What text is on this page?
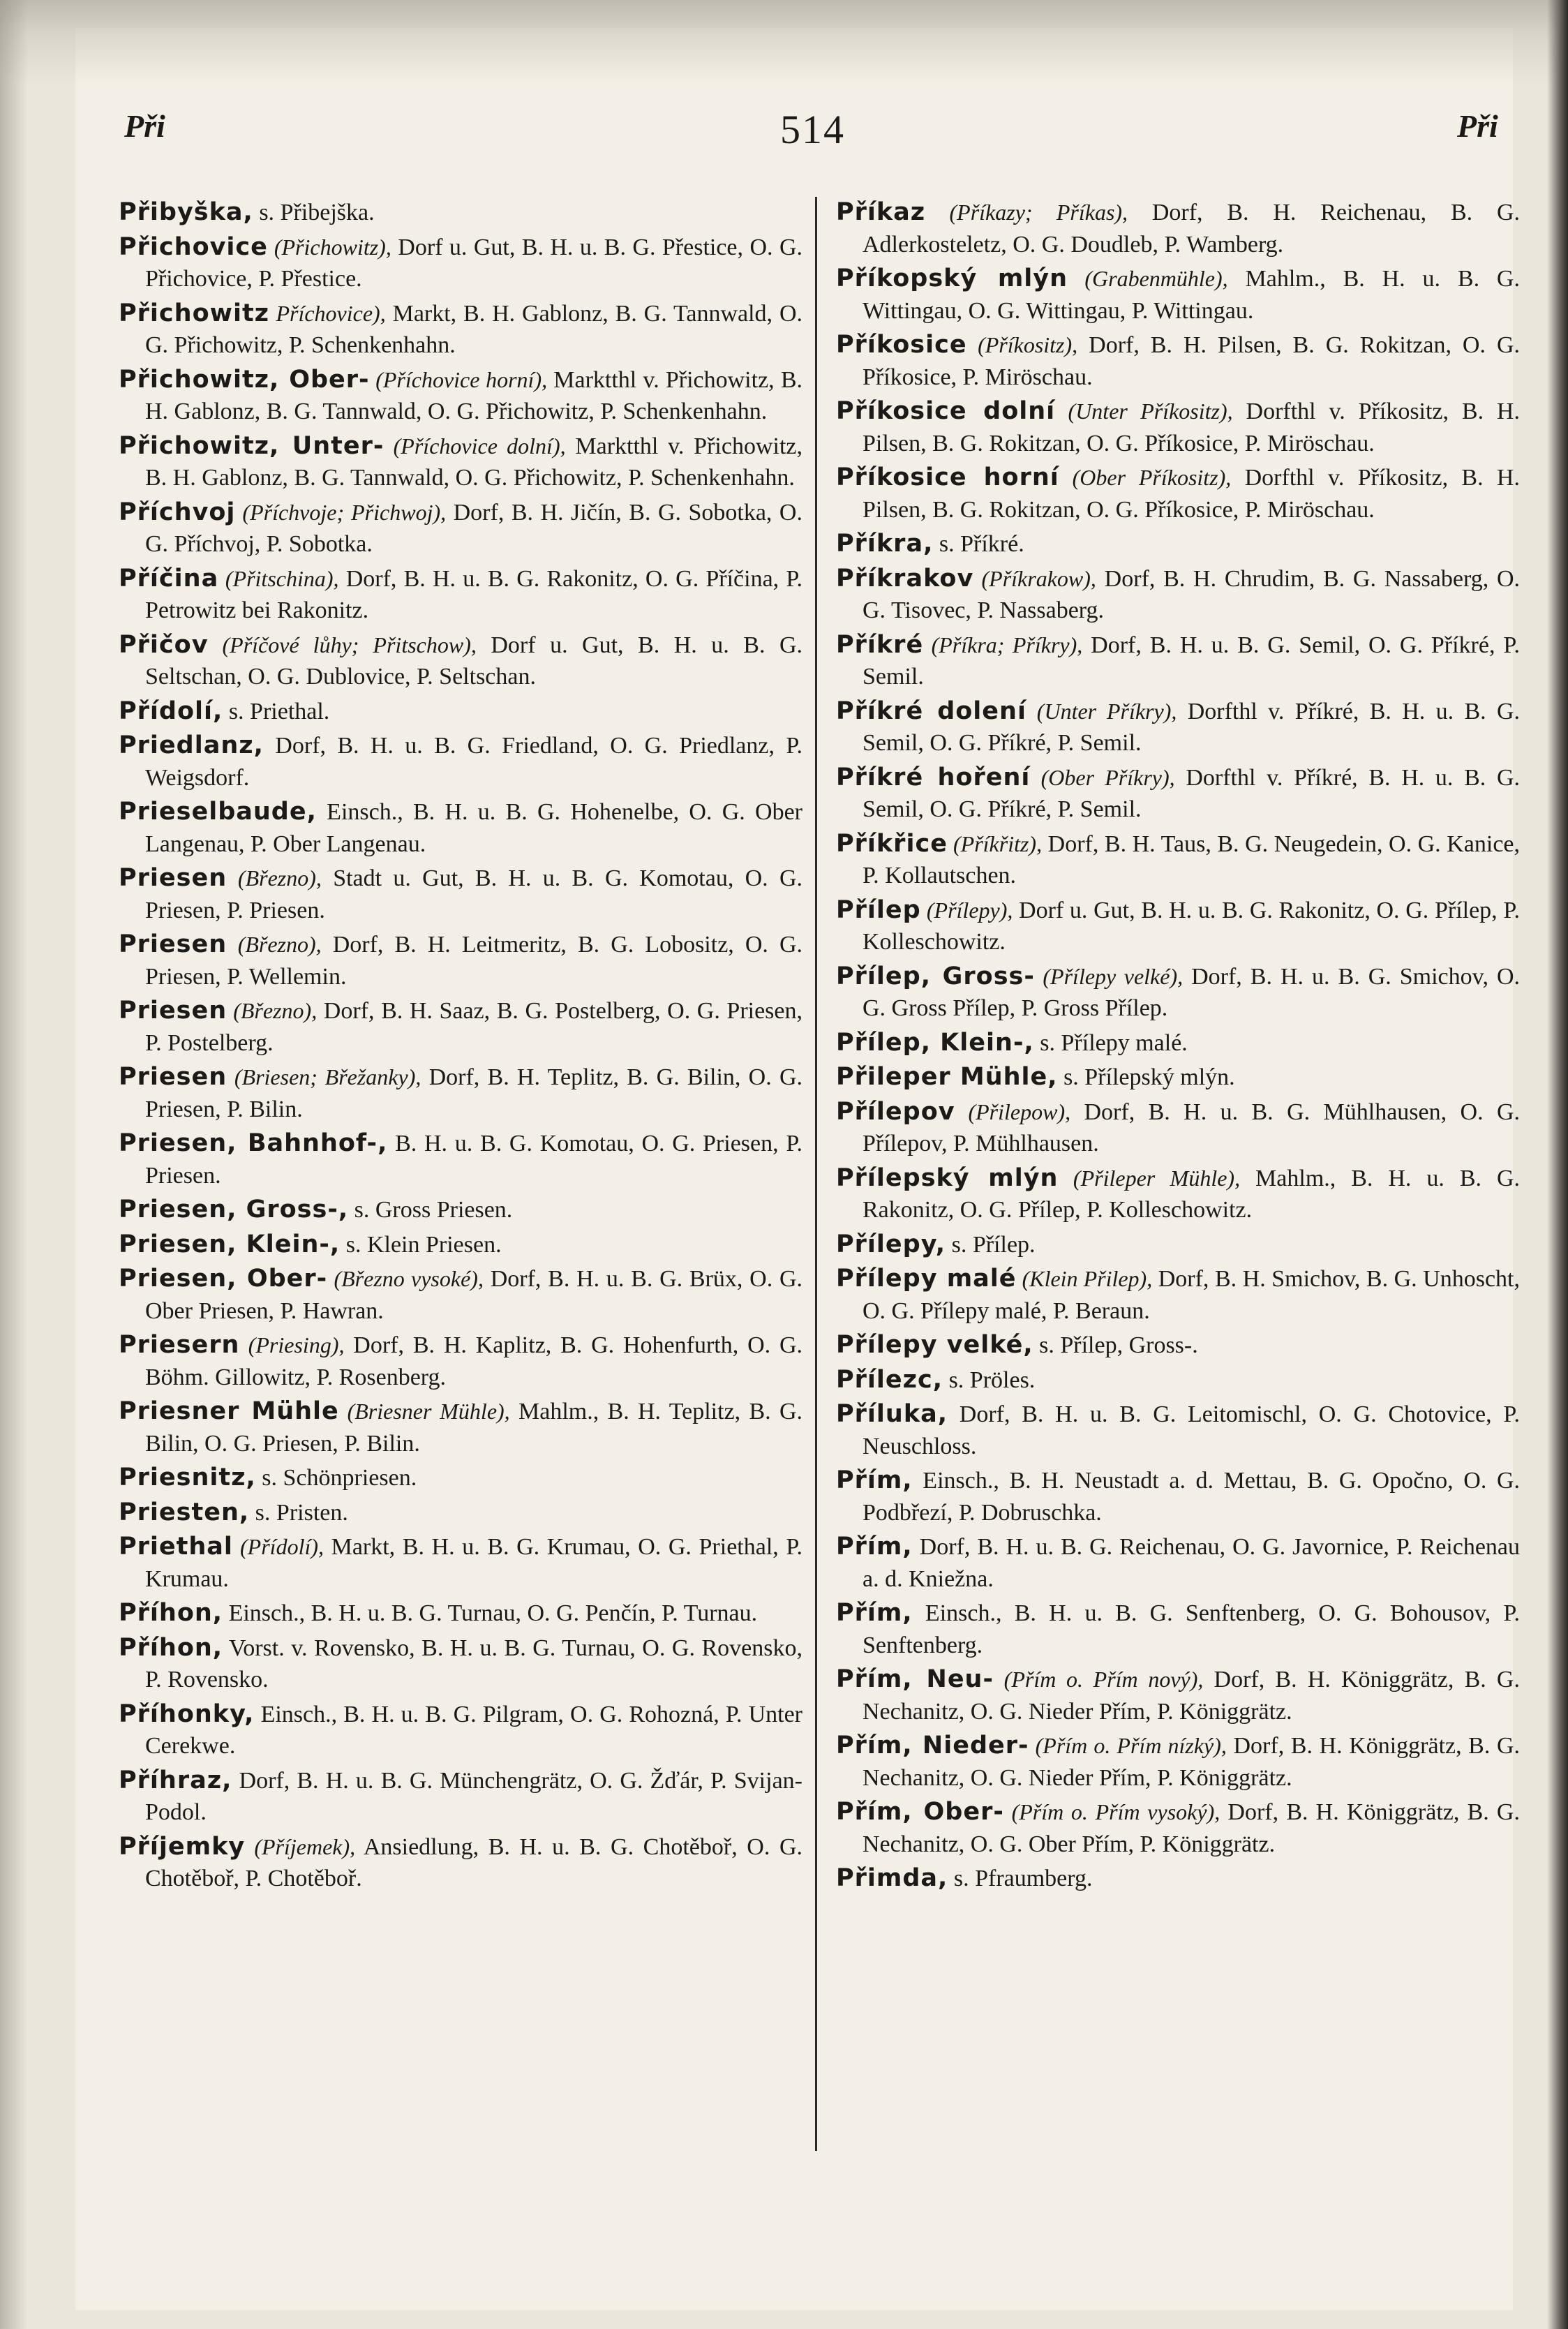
Při	514	Při

Přibyška, s. Přibejška.

Přichovice (Přichowitz), Dorf u. Gut, B. H. u. B. G. Přestice, O. G. Přichovice, P. Přestice.

Přichowitz Příchovice), Markt, B. H. Gablonz, B. G. Tannwald, O. G. Přichowitz, P. Schenkenhahn.

Přichowitz, Ober- (Příchovice horní), Marktthl v. Přichowitz, B. H. Gablonz, B. G. Tannwald, O. G. Přichowitz, P. Schenkenhahn.

Přichowitz, Unter- (Příchovice dolní), Marktthl v. Přichowitz, B. H. Gablonz, B. G. Tannwald, O. G. Přichowitz, P. Schenkenhahn.

Příchvoj (Příchvoje; Přichwoj), Dorf, B. H. Jičín, B. G. Sobotka, O. G. Příchvoj, P. Sobotka.

Příčina (Přitschina), Dorf, B. H. u. B. G. Rakonitz, O. G. Příčina, P. Petrowitz bei Rakonitz.

Přičov (Příčové lůhy; Přitschow), Dorf u. Gut, B. H. u. B. G. Seltschan, O. G. Dublovice, P. Seltschan.

Přídolí, s. Priethal.

Priedlanz, Dorf, B. H. u. B. G. Friedland, O. G. Priedlanz, P. Weigsdorf.

Prieselbaude, Einsch., B. H. u. B. G. Hohenelbe, O. G. Ober Langenau, P. Ober Langenau.

Priesen (Březno), Stadt u. Gut, B. H. u. B. G. Komotau, O. G. Priesen, P. Priesen.

Priesen (Březno), Dorf, B. H. Leitmeritz, B. G. Lobositz, O. G. Priesen, P. Wellemin.

Priesen (Březno), Dorf, B. H. Saaz, B. G. Postelberg, O. G. Priesen, P. Postelberg.

Priesen (Briesen; Břežanky), Dorf, B. H. Teplitz, B. G. Bilin, O. G. Priesen, P. Bilin.

Priesen, Bahnhof-, B. H. u. B. G. Komotau, O. G. Priesen, P. Priesen.

Priesen, Gross-, s. Gross Priesen.

Priesen, Klein-, s. Klein Priesen.

Priesen, Ober- (Březno vysoké), Dorf, B. H. u. B. G. Brüx, O. G. Ober Priesen, P. Hawran.

Priesern (Priesing), Dorf, B. H. Kaplitz, B. G. Hohenfurth, O. G. Böhm. Gillowitz, P. Rosenberg.

Priesner Mühle (Briesner Mühle), Mahlm., B. H. Teplitz, B. G. Bilin, O. G. Priesen, P. Bilin.

Priesnitz, s. Schönpriesen.

Priesten, s. Pristen.

Priethal (Přídolí), Markt, B. H. u. B. G. Krumau, O. G. Priethal, P. Krumau.

Příhon, Einsch., B. H. u. B. G. Turnau, O. G. Penčín, P. Turnau.

Příhon, Vorst. v. Rovensko, B. H. u. B. G. Turnau, O. G. Rovensko, P. Rovensko.

Příhonky, Einsch., B. H. u. B. G. Pilgram, O. G. Rohozná, P. Unter Cerekwe.

Příhraz, Dorf, B. H. u. B. G. Münchengrätz, O. G. Žďár, P. Svijan-Podol.

Příjemky (Příjemek), Ansiedlung, B. H. u. B. G. Chotěboř, O. G. Chotěboř, P. Chotěboř.

Příkaz (Příkazy; Příkas), Dorf, B. H. Reichenau, B. G. Adlerkosteletz, O. G. Doudleb, P. Wamberg.

Příkopský mlýn (Grabenmühle), Mahlm., B. H. u. B. G. Wittingau, O. G. Wittingau, P. Wittingau.

Příkosice (Příkositz), Dorf, B. H. Pilsen, B. G. Rokitzan, O. G. Příkosice, P. Miröschau.

Příkosice dolní (Unter Příkositz), Dorfthl v. Příkositz, B. H. Pilsen, B. G. Rokitzan, O. G. Příkosice, P. Miröschau.

Příkosice horní (Ober Příkositz), Dorfthl v. Příkositz, B. H. Pilsen, B. G. Rokitzan, O. G. Příkosice, P. Miröschau.

Příkra, s. Příkré.

Příkrakov (Příkrakow), Dorf, B. H. Chrudim, B. G. Nassaberg, O. G. Tisovec, P. Nassaberg.

Příkré (Příkra; Příkry), Dorf, B. H. u. B. G. Semil, O. G. Příkré, P. Semil.

Příkré dolení (Unter Příkry), Dorfthl v. Příkré, B. H. u. B. G. Semil, O. G. Příkré, P. Semil.

Příkré hoření (Ober Příkry), Dorfthl v. Příkré, B. H. u. B. G. Semil, O. G. Příkré, P. Semil.

Příkřice (Příkřitz), Dorf, B. H. Taus, B. G. Neugedein, O. G. Kanice, P. Kollautschen.

Přílep (Přílepy), Dorf u. Gut, B. H. u. B. G. Rakonitz, O. G. Přílep, P. Kolleschowitz.

Přílep, Gross- (Přílepy velké), Dorf, B. H. u. B. G. Smichov, O. G. Gross Přílep, P. Gross Přílep.

Přílep, Klein-, s. Přílepy malé.

Přileper Mühle, s. Přílepský mlýn.

Přílepov (Přilepow), Dorf, B. H. u. B. G. Mühlhausen, O. G. Přílepov, P. Mühlhausen.

Přílepský mlýn (Přileper Mühle), Mahlm., B. H. u. B. G. Rakonitz, O. G. Přílep, P. Kolleschowitz.

Přílepy, s. Přílep.

Přílepy malé (Klein Přilep), Dorf, B. H. Smichov, B. G. Unhoscht, O. G. Přílepy malé, P. Beraun.

Přílepy velké, s. Přílep, Gross-.

Přílezc, s. Pröles.

Příluka, Dorf, B. H. u. B. G. Leitomischl, O. G. Chotovice, P. Neuschloss.

Přím, Einsch., B. H. Neustadt a. d. Mettau, B. G. Opočno, O. G. Podbřezí, P. Dobruschka.

Přím, Dorf, B. H. u. B. G. Reichenau, O. G. Javornice, P. Reichenau a. d. Kniežna.

Přím, Einsch., B. H. u. B. G. Senftenberg, O. G. Bohousov, P. Senftenberg.

Přím, Neu- (Přím o. Přím nový), Dorf, B. H. Königgrätz, B. G. Nechanitz, O. G. Nieder Přím, P. Königgrätz.

Přím, Nieder- (Přím o. Přím nízký), Dorf, B. H. Königgrätz, B. G. Nechanitz, O. G. Nieder Přím, P. Königgrätz.

Přím, Ober- (Přím o. Přím vysoký), Dorf, B. H. Königgrätz, B. G. Nechanitz, O. G. Ober Přím, P. Königgrätz.

Přimda, s. Pfraumberg.
